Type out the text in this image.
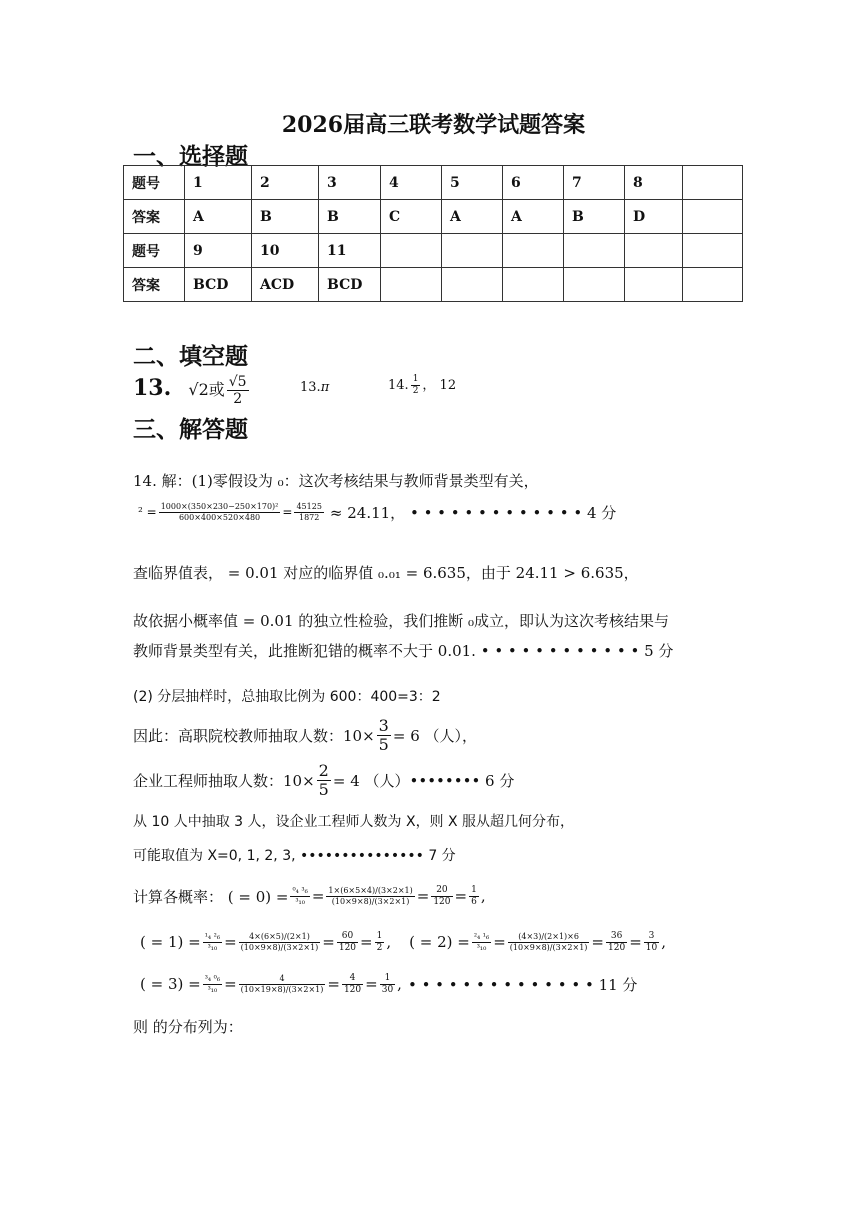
2026届高三联考数学试题答案
一、选择题
题号	1	2	3	4	5	6	7	8	
答案	A	B	B	C	A	A	B	D	
题号	9	10	11						
答案	BCD	ACD	BCD						
二、填空题
13. √2或 $\frac{√5}{2}$	13.π	14. $\frac{1}{2}$ ， 12
三、解答题
14. 解：(1)零假设为 ₀：这次考核结果与教师背景类型有关，
$^2 = \frac{\text{1000×(350×230−250×170)²}}{600\times 400\times 520\times 480} = \frac{45125}{1872} \approx 24.11$， • • • • • • • • • • • • • 4 分
查临界值表， = 0.01 对应的临界值 ₀.₀₁ = 6.635，由于 24.11 > 6.635，
故依据小概率值 = 0.01 的独立性检验，我们推断 ₀成立，即认为这次考核结果与
教师背景类型有关，此推断犯错的概率不大于 0.01. • • • • • • • • • • • • 5 分
(2) 分层抽样时，总抽取比例为 600：400=3：2
因此：高职院校教师抽取人数：$10\times \frac{3}{5} = 6$ （人），
企业工程师抽取人数：$10\times \frac{2}{5} = 4$ （人）•••••••• 6 分
从 10 人中抽取 3 人，设企业工程师人数为 X，则 X 服从超几何分布，
可能取值为 X=0, 1, 2, 3, ••••••••••••••• 7 分
计算各概率： ( = $0) = \frac{\text{⁰₄ ³₆}}{\text{³₁₀}} = \frac{1\times(6\times 5\times 4)/(3\times 2\times 1)}{(10\times 9\times 8)/(3\times 2\times 1)} = \frac{20}{120} = \frac{1}{6}$ ,
( = $1) = \frac{\text{¹₄ ²₆}}{\text{³₁₀}} = \frac{4\times(6\times 5)/(2\times 1)}{(10\times 9\times 8)/(3\times 2\times 1)} = \frac{60}{120} = \frac{1}{2}$ , ( = $2) = \frac{\text{²₄ ¹₆}}{\text{³₁₀}} = \frac{(4\times 3)/(2\times 1)\times 6}{(10\times 9\times 8)/(3\times 2\times 1)} = \frac{36}{120} = \frac{3}{10}$ ,
( = $3) = \frac{\text{³₄ ⁰₆}}{\text{³₁₀}} = \frac{4}{(10\times 19\times 8)/(3\times 2\times 1)} = \frac{4}{120} = \frac{1}{30}$ , • • • • • • • • • • • • • • 11 分
则 的分布列为：
